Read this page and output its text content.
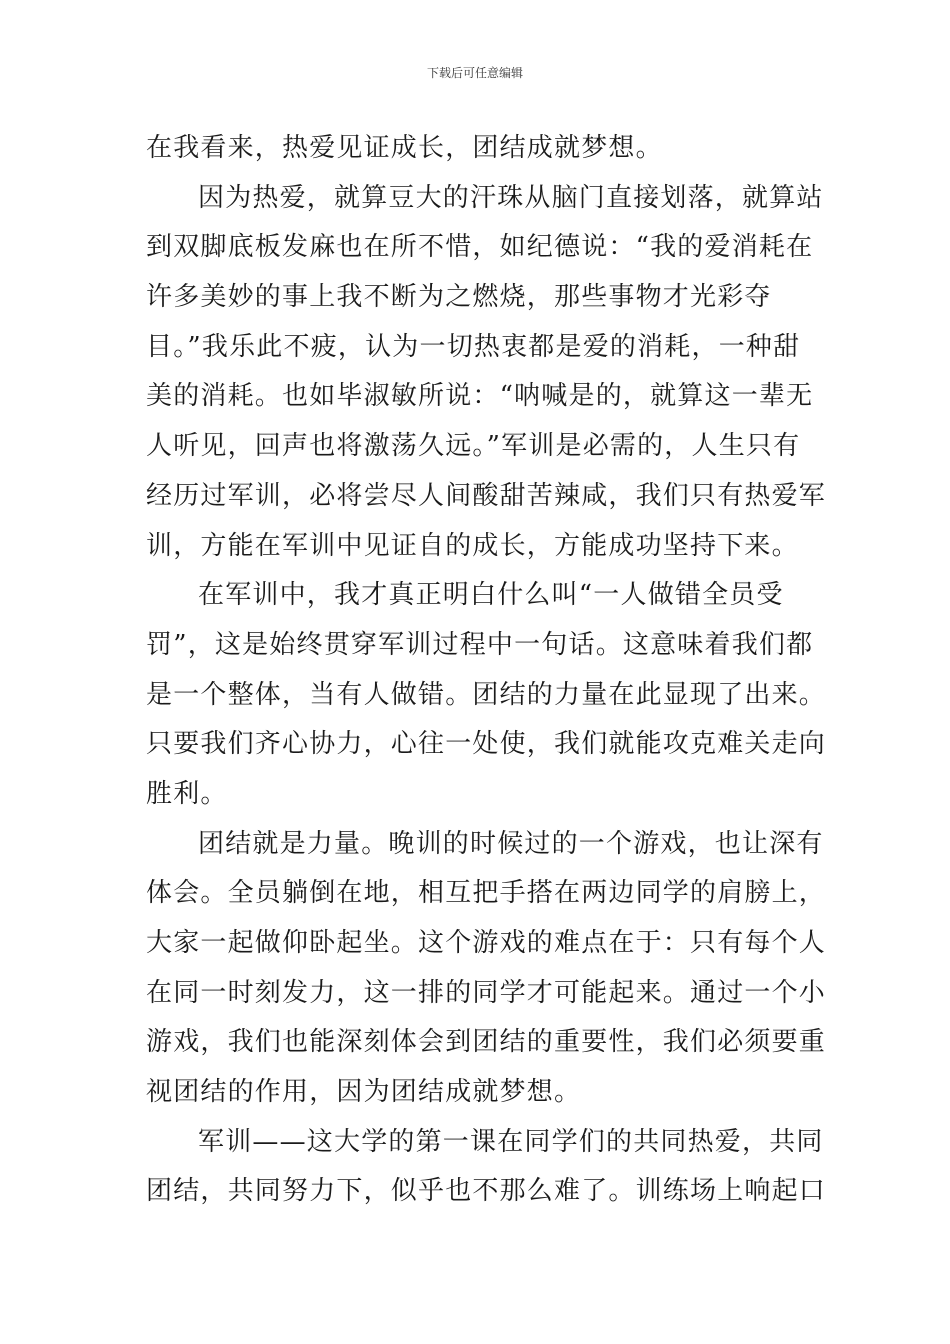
下载后可任意编辑
在我看来，热爱见证成长，团结成就梦想。
因为热爱，就算豆大的汗珠从脑门直接划落，就算站
到双脚底板发麻也在所不惜，如纪德说：“我的爱消耗在
许多美妙的事上我不断为之燃烧，那些事物才光彩夺
目。”我乐此不疲，认为一切热衷都是爱的消耗，一种甜
美的消耗。也如毕淑敏所说：“呐喊是的，就算这一辈无
人听见，回声也将激荡久远。”军训是必需的，人生只有
经历过军训，必将尝尽人间酸甜苦辣咸，我们只有热爱军
训，方能在军训中见证自的成长，方能成功坚持下来。
在军训中，我才真正明白什么叫“一人做错全员受
罚”，这是始终贯穿军训过程中一句话。这意味着我们都
是一个整体，当有人做错。团结的力量在此显现了出来。
只要我们齐心协力，心往一处使，我们就能攻克难关走向
胜利。
团结就是力量。晚训的时候过的一个游戏，也让深有
体会。全员躺倒在地，相互把手搭在两边同学的肩膀上，
大家一起做仰卧起坐。这个游戏的难点在于：只有每个人
在同一时刻发力，这一排的同学才可能起来。通过一个小
游戏，我们也能深刻体会到团结的重要性，我们必须要重
视团结的作用，因为团结成就梦想。
军训——这大学的第一课在同学们的共同热爱，共同
团结，共同努力下，似乎也不那么难了。训练场上响起口
